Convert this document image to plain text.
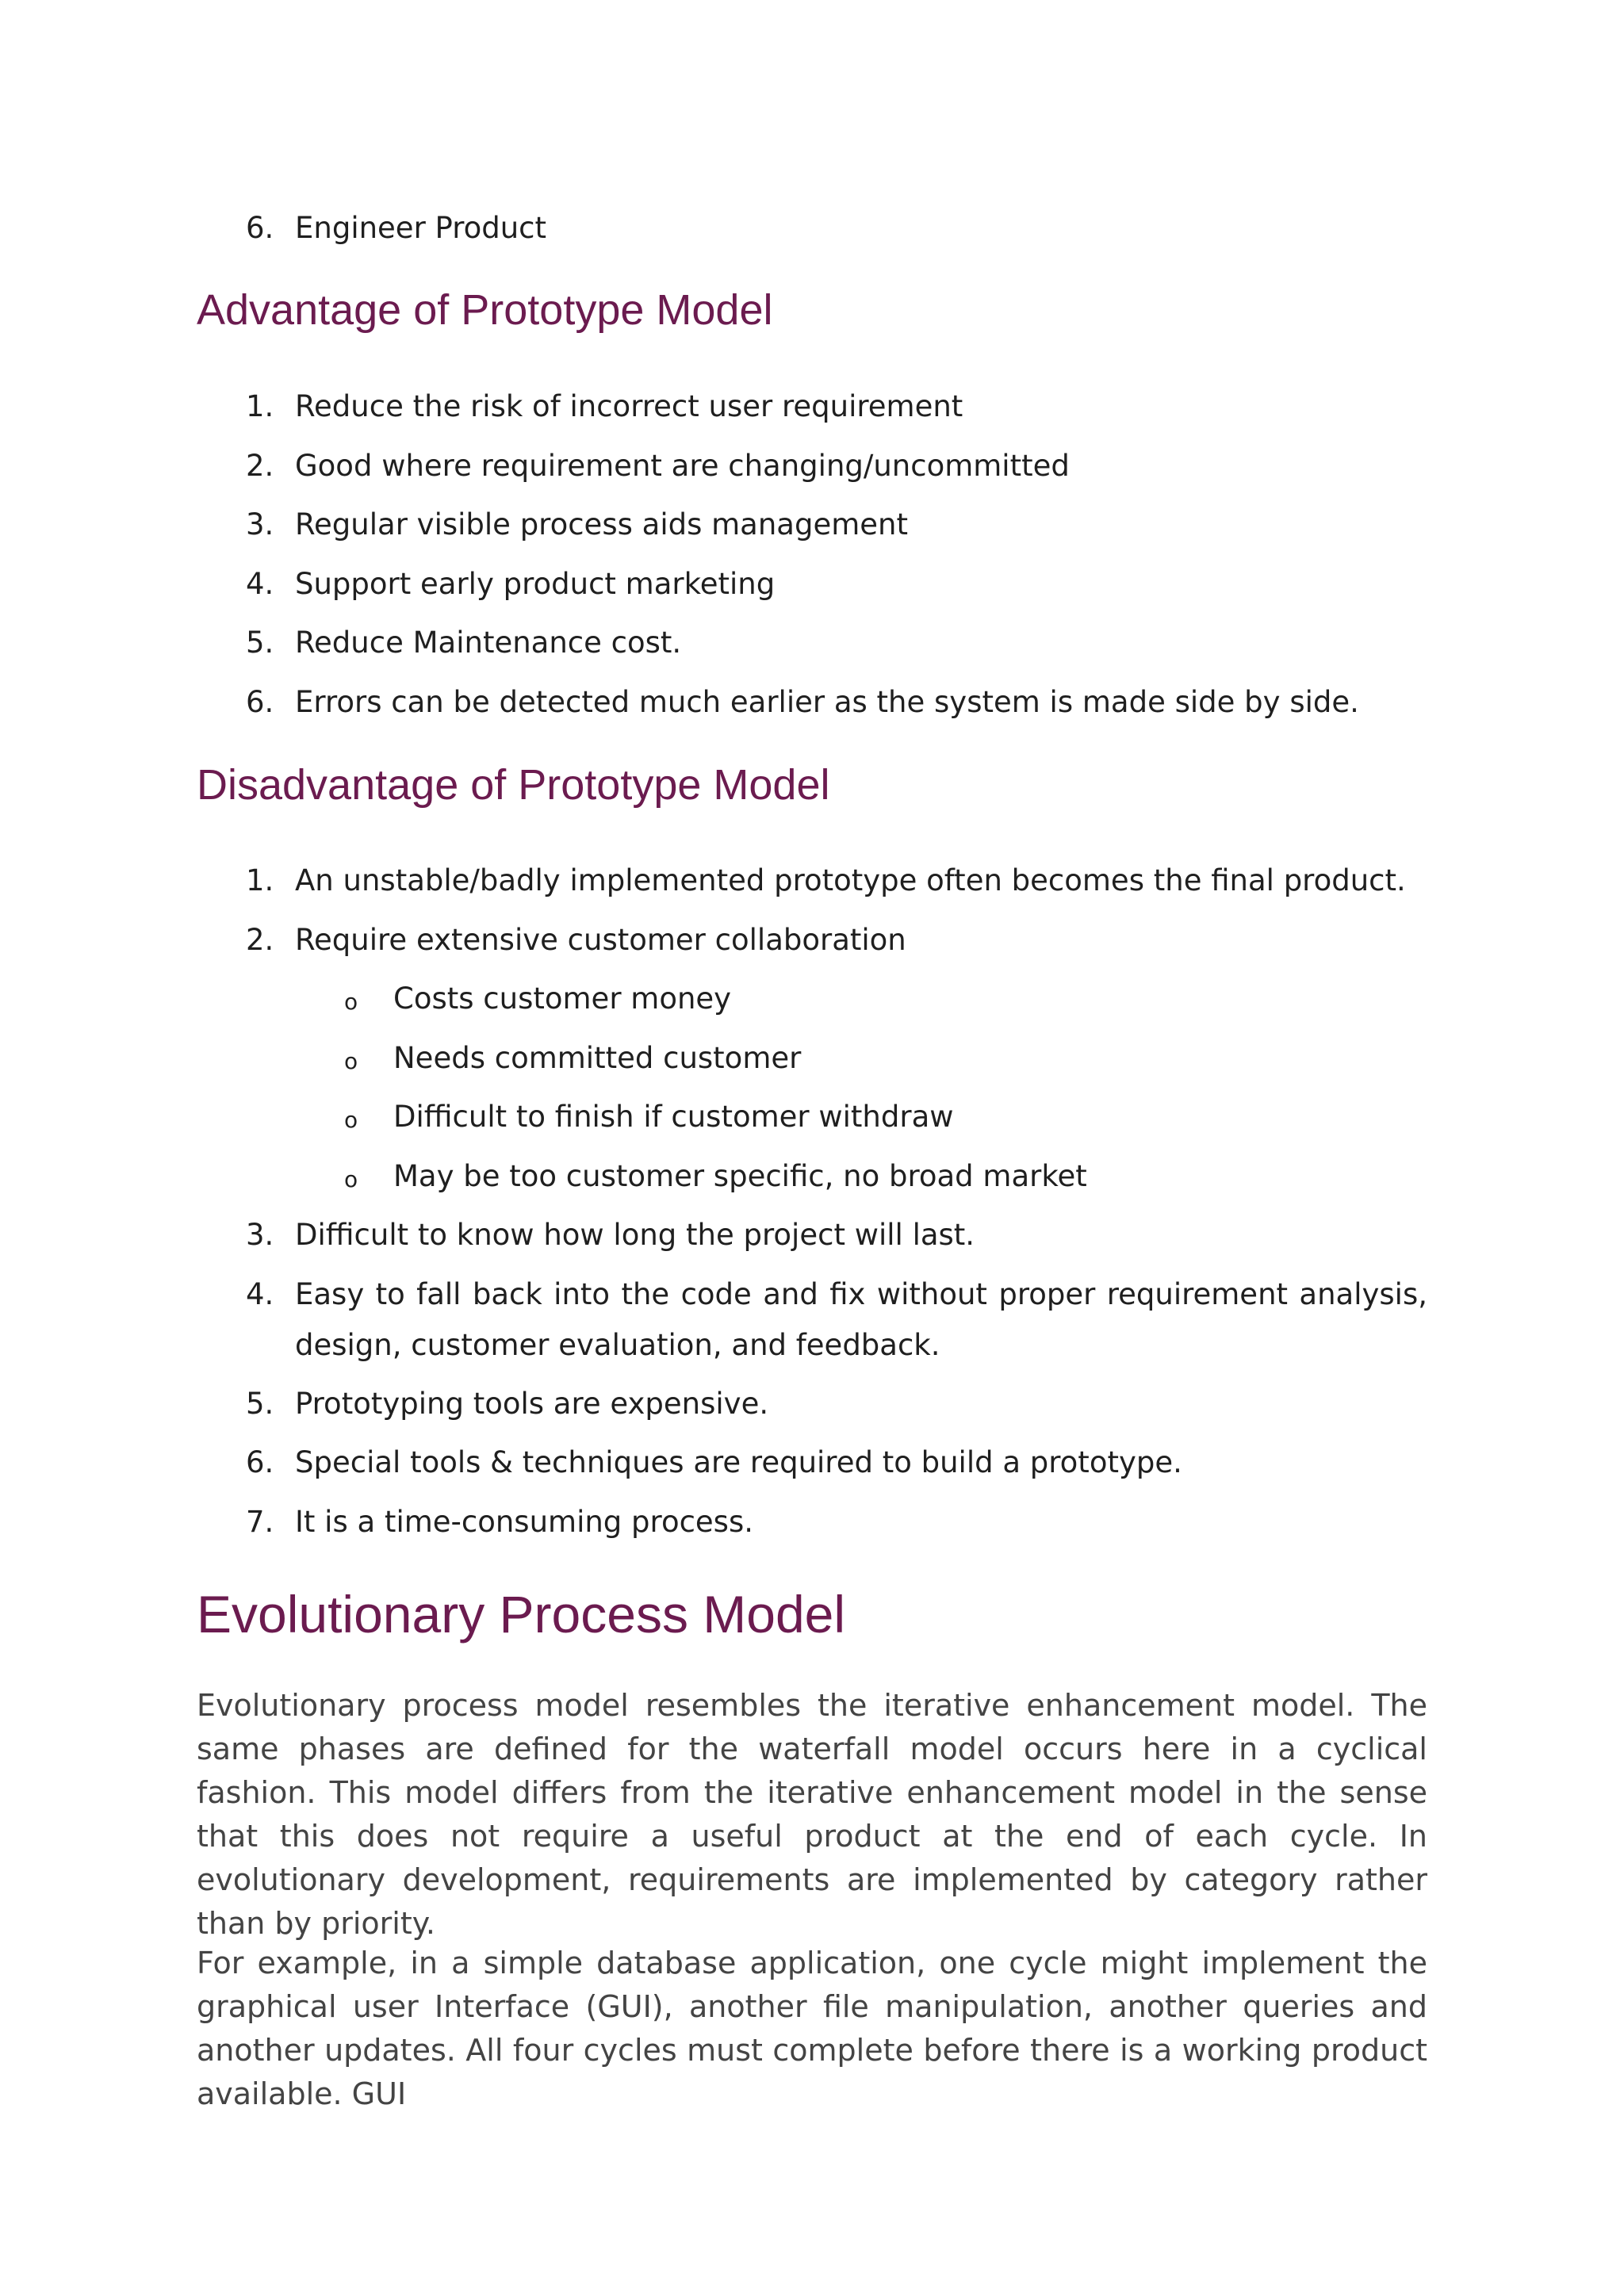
6. Engineer Product
Advantage of Prototype Model
1. Reduce the risk of incorrect user requirement
2. Good where requirement are changing/uncommitted
3. Regular visible process aids management
4. Support early product marketing
5. Reduce Maintenance cost.
6. Errors can be detected much earlier as the system is made side by side.
Disadvantage of Prototype Model
1. An unstable/badly implemented prototype often becomes the final product.
2. Require extensive customer collaboration
o Costs customer money
o Needs committed customer
o Difficult to finish if customer withdraw
o May be too customer specific, no broad market
3. Difficult to know how long the project will last.
4. Easy to fall back into the code and fix without proper requirement analysis, design, customer evaluation, and feedback.
5. Prototyping tools are expensive.
6. Special tools & techniques are required to build a prototype.
7. It is a time-consuming process.
Evolutionary Process Model

Evolutionary process model resembles the iterative enhancement model. The same phases are defined for the waterfall model occurs here in a cyclical fashion. This model differs from the iterative enhancement model in the sense that this does not require a useful product at the end of each cycle. In evolutionary development, requirements are implemented by category rather than by priority.

For example, in a simple database application, one cycle might implement the graphical user Interface (GUI), another file manipulation, another queries and another updates. All four cycles must complete before there is a working product available. GUI
